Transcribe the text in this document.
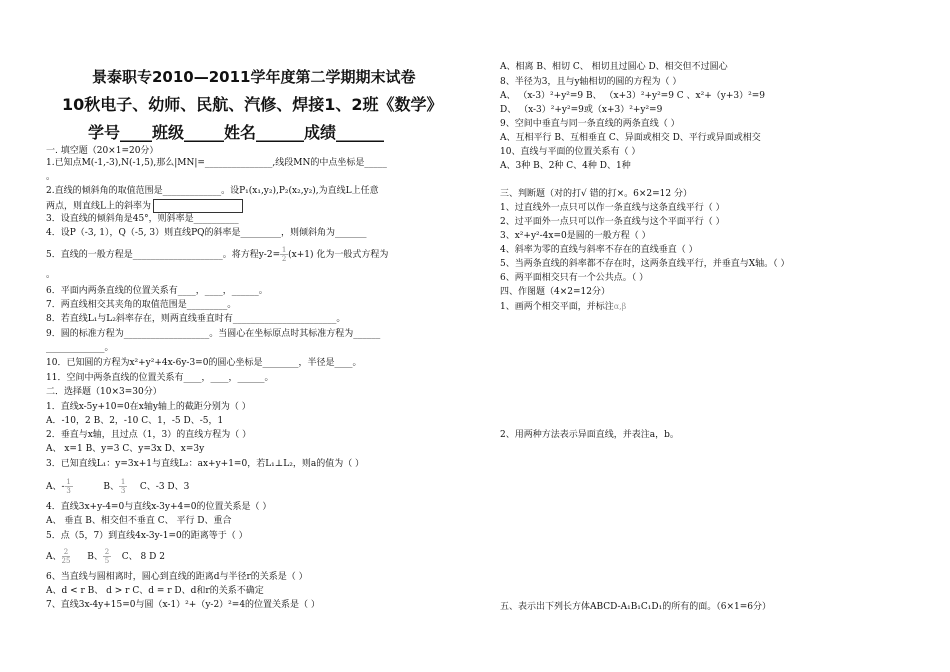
景泰职专2010—2011学年度第二学期期末试卷
10秋电子、幼师、民航、汽修、焊接1、2班《数学》
学号____班级_____姓名______成绩______
一. 填空题（20×1=20分）
1.已知点M(-1,-3),N(-1,5),那么|MN|=_______________,线段MN的中点坐标是_____
。
2.直线的倾斜角的取值范围是_____________。设P₁(x₁,y₂),P₂(x₂,y₂),为直线L上任意
两点，则直线L上的斜率为
3．设直线的倾斜角是45°，则斜率是__________
4．设P（-3, 1），Q（-5, 3）则直线PQ的斜率是_________，则倾斜角为_______
5．直线的一般方程是____________________。将方程$y-2= \frac{1}{2} (x+1)$ 化为一般式方程为
。
6．平面内两条直线的位置关系有____，____，______。
7．两直线相交其夹角的取值范围是_________。
8．若直线L₁与L₂斜率存在，则两直线垂直时有_______________________。
9．圆的标准方程为___________________。当圆心在坐标原点时其标准方程为______
_____________。
10．已知圆的方程为x²+y²+4x-6y-3=0的圆心坐标是________，半径是____。
11．空间中两条直线的位置关系有____，____，______。
二．选择题（10×3=30分）
1．直线x-5y+10=0在x轴y轴上的截距分别为（ ）
A．-10，2 B、2，-10 C、1，-5 D、-5，1
2．垂直与x轴，且过点（1，3）的直线方程为（ ）
A、 x=1 B、y=3 C、y=3x D、x=3y
3．已知直线L₁：y=3x+1与直线L₂：ax+y+1=0，若L₁⊥L₂，则a的值为（ ）
A、- $\frac{1}{3}$	B、 $\frac{1}{3}$ C、-3 D、3
4．直线3x+y-4=0与直线x-3y+4=0的位置关系是（ ）
A、 垂直 B、相交但不垂直 C、 平行 D、重合
5．点（5，7）到直线4x-3y-1=0的距离等于（ ）
A、 $\frac{2}{25}$ B、 $\frac{2}{5}$ C、 8 D 2
6、当直线与圆相离时，圆心到直线的距离d与半径r的关系是（ ）
A、d < r B、 d > r C、d = r D、d和r的关系不确定
7、直线3x-4y+15=0与圆（x-1）²+（y-2）²=4的位置关系是（ ）
A、相离 B、相切 C、 相切且过圆心 D、相交但不过圆心
8、半径为3，且与y轴相切的圆的方程为（ ）
A、 （x-3）²+y²=9 B、 （x+3）²+y²=9 C 、x²+（y+3）²=9
D、 （x-3）²+y²=9或（x+3）²+y²=9
9、空间中垂直与同一条直线的两条直线（ ）
A、互相平行 B、互相垂直 C、异面或相交 D、平行或异面或相交
10、直线与平面的位置关系有（ ）
A、3种 B、2种 C、4种 D、1种
三、判断题（对的打√ 错的打×。6×2=12 分）
1、过直线外一点只可以作一条直线与这条直线平行（ ）
2、过平面外一点只可以作一条直线与这个平面平行（ ）
3、x²+y²-4x=0是圆的一般方程（ ）
4、斜率为零的直线与斜率不存在的直线垂直（ ）
5、当两条直线的斜率都不存在时，这两条直线平行，并垂直与X轴。（ ）
6、两平面相交只有一个公共点。（ ）
四、作图题（4×2=12分）
1、画两个相交平面，并标注α,β
2、用两种方法表示异面直线，并表注a，b。
五、表示出下列长方体ABCD-A₁B₁C₁D₁的所有的面。（6×1=6分）
